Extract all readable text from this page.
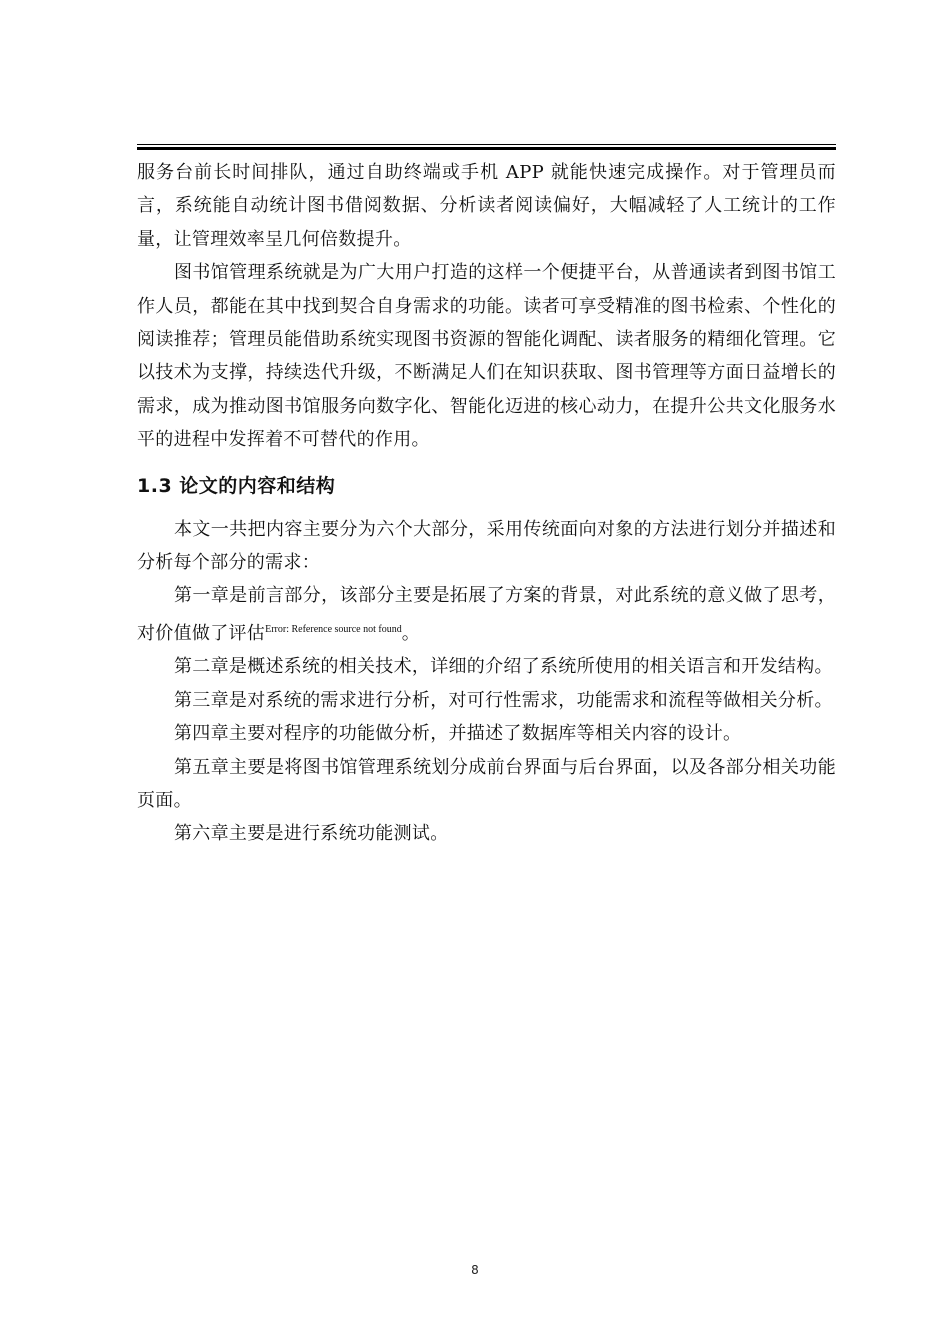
服务台前长时间排队，通过自助终端或手机 APP 就能快速完成操作。对于管理员而言，系统能自动统计图书借阅数据、分析读者阅读偏好，大幅减轻了人工统计的工作量，让管理效率呈几何倍数提升。

图书馆管理系统就是为广大用户打造的这样一个便捷平台，从普通读者到图书馆工作人员，都能在其中找到契合自身需求的功能。读者可享受精准的图书检索、个性化的阅读推荐；管理员能借助系统实现图书资源的智能化调配、读者服务的精细化管理。它以技术为支撑，持续迭代升级，不断满足人们在知识获取、图书管理等方面日益增长的需求，成为推动图书馆服务向数字化、智能化迈进的核心动力，在提升公共文化服务水平的进程中发挥着不可替代的作用。

1.3 论文的内容和结构

本文一共把内容主要分为六个大部分，采用传统面向对象的方法进行划分并描述和分析每个部分的需求：

第一章是前言部分，该部分主要是拓展了方案的背景，对此系统的意义做了思考，对价值做了评估$^{Error: Reference source not found}$。

第二章是概述系统的相关技术，详细的介绍了系统所使用的相关语言和开发结构。

第三章是对系统的需求进行分析，对可行性需求，功能需求和流程等做相关分析。

第四章主要对程序的功能做分析，并描述了数据库等相关内容的设计。

第五章主要是将图书馆管理系统划分成前台界面与后台界面，以及各部分相关功能页面。

第六章主要是进行系统功能测试。

8
